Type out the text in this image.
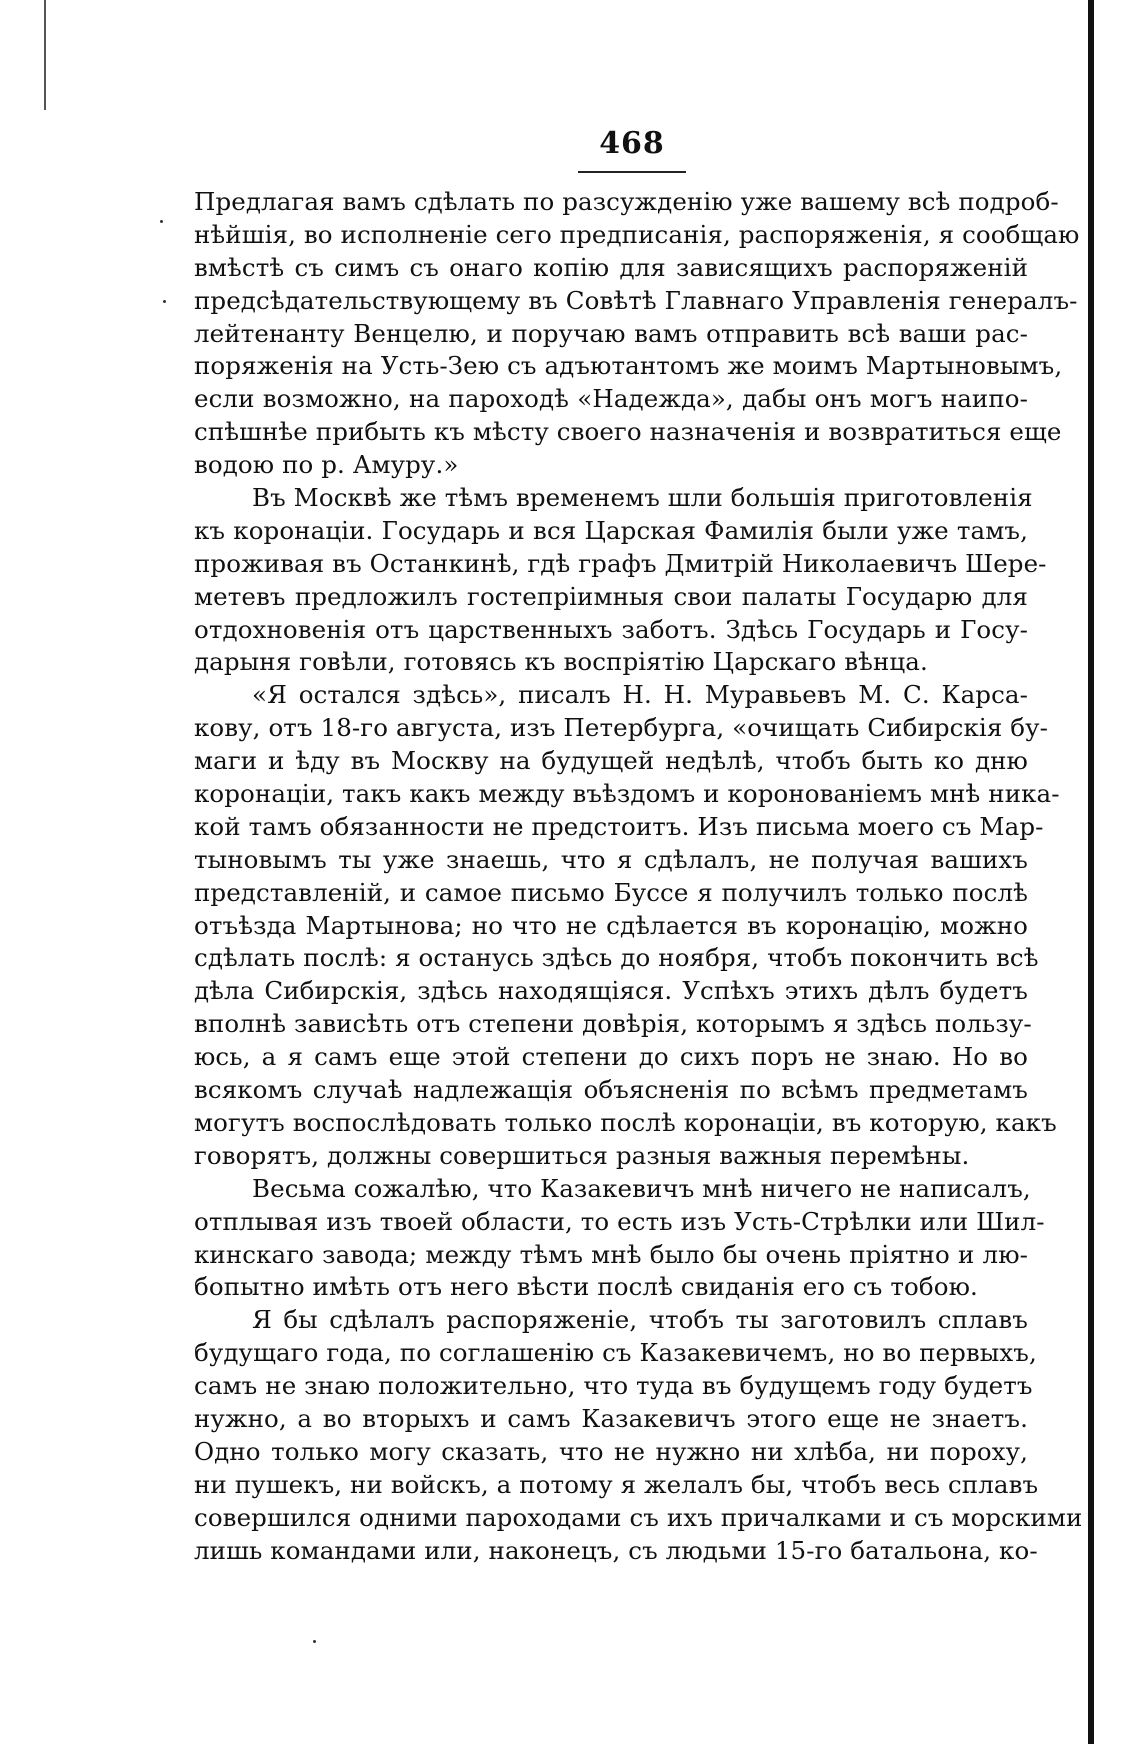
468
Предлагая вамъ сдѣлать по разсужденію уже вашему всѣ подроб-
нѣйшія, во исполненіе сего предписанія, распоряженія, я сообщаю
вмѣстѣ съ симъ съ онаго копію для зависящихъ распоряженій
предсѣдательствующему въ Совѣтѣ Главнаго Управленія генералъ-
лейтенанту Венцелю, и поручаю вамъ отправить всѣ ваши рас-
поряженія на Усть-Зею съ адъютантомъ же моимъ Мартыновымъ,
если возможно, на пароходѣ «Надежда», дабы онъ могъ наипо-
спѣшнѣе прибыть къ мѣсту своего назначенія и возвратиться еще
водою по р. Амуру.»
Въ Москвѣ же тѣмъ временемъ шли большія приготовленія
къ коронаціи. Государь и вся Царская Фамилія были уже тамъ,
проживая въ Останкинѣ, гдѣ графъ Дмитрій Николаевичъ Шере-
метевъ предложилъ гостепріимныя свои палаты Государю для
отдохновенія отъ царственныхъ заботъ. Здѣсь Государь и Госу-
дарыня говѣли, готовясь къ воспріятію Царскаго вѣнца.
«Я остался здѣсь», писалъ Н. Н. Муравьевъ М. С. Карса-
кову, отъ 18-го августа, изъ Петербурга, «очищать Сибирскія бу-
маги и ѣду въ Москву на будущей недѣлѣ, чтобъ быть ко дню
коронаціи, такъ какъ между въѣздомъ и коронованіемъ мнѣ ника-
кой тамъ обязанности не предстоитъ. Изъ письма моего съ Мар-
тыновымъ ты уже знаешь, что я сдѣлалъ, не получая вашихъ
представленій, и самое письмо Буссе я получилъ только послѣ
отъѣзда Мартынова; но что не сдѣлается въ коронацію, можно
сдѣлать послѣ: я останусь здѣсь до ноября, чтобъ покончить всѣ
дѣла Сибирскія, здѣсь находящіяся. Успѣхъ этихъ дѣлъ будетъ
вполнѣ зависѣть отъ степени довѣрія, которымъ я здѣсь пользу-
юсь, а я самъ еще этой степени до сихъ поръ не знаю. Но во
всякомъ случаѣ надлежащія объясненія по всѣмъ предметамъ
могутъ воспослѣдовать только послѣ коронаціи, въ которую, какъ
говорятъ, должны совершиться разныя важныя перемѣны.
Весьма сожалѣю, что Казакевичъ мнѣ ничего не написалъ,
отплывая изъ твоей области, то есть изъ Усть-Стрѣлки или Шил-
кинскаго завода; между тѣмъ мнѣ было бы очень пріятно и лю-
бопытно имѣть отъ него вѣсти послѣ свиданія его съ тобою.
Я бы сдѣлалъ распоряженіе, чтобъ ты заготовилъ сплавъ
будущаго года, по соглашенію съ Казакевичемъ, но во первыхъ,
самъ не знаю положительно, что туда въ будущемъ году будетъ
нужно, а во вторыхъ и самъ Казакевичъ этого еще не знаетъ.
Одно только могу сказать, что не нужно ни хлѣба, ни пороху,
ни пушекъ, ни войскъ, а потому я желалъ бы, чтобъ весь сплавъ
совершился одними пароходами съ ихъ причалками и съ морскими
лишь командами или, наконецъ, съ людьми 15-го батальона, ко-
